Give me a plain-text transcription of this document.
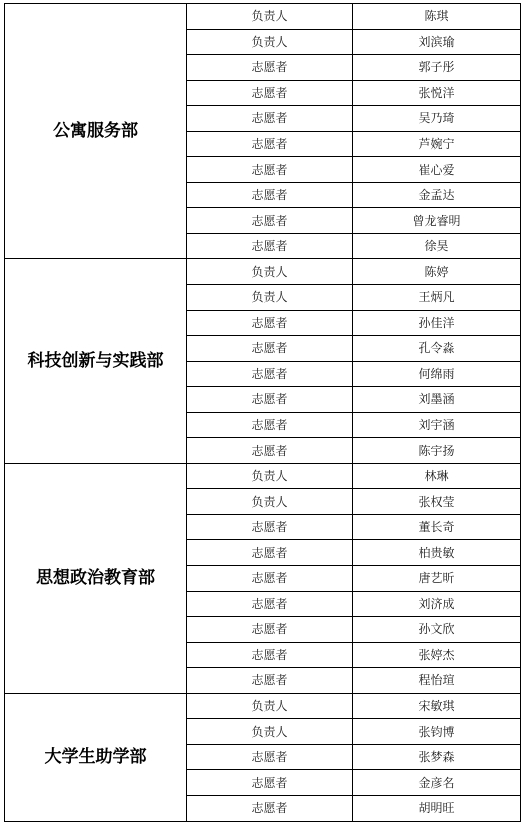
公寓服务部	负责人	陈琪
	负责人	刘滨瑜
	志愿者	郭子彤
	志愿者	张悦洋
	志愿者	吴乃琦
	志愿者	芦婉宁
	志愿者	崔心爱
	志愿者	金孟达
	志愿者	曾龙睿明
	志愿者	徐昊
科技创新与实践部	负责人	陈婷
	负责人	王炳凡
	志愿者	孙佳洋
	志愿者	孔令淼
	志愿者	何绵雨
	志愿者	刘墨涵
	志愿者	刘宇涵
	志愿者	陈宇扬
思想政治教育部	负责人	林琳
	负责人	张权莹
	志愿者	董长奇
	志愿者	柏贵敏
	志愿者	唐艺昕
	志愿者	刘济成
	志愿者	孙文欣
	志愿者	张婷杰
	志愿者	程怡瑄
大学生助学部	负责人	宋敏琪
	负责人	张钧博
	志愿者	张梦森
	志愿者	金彦名
	志愿者	胡明旺
